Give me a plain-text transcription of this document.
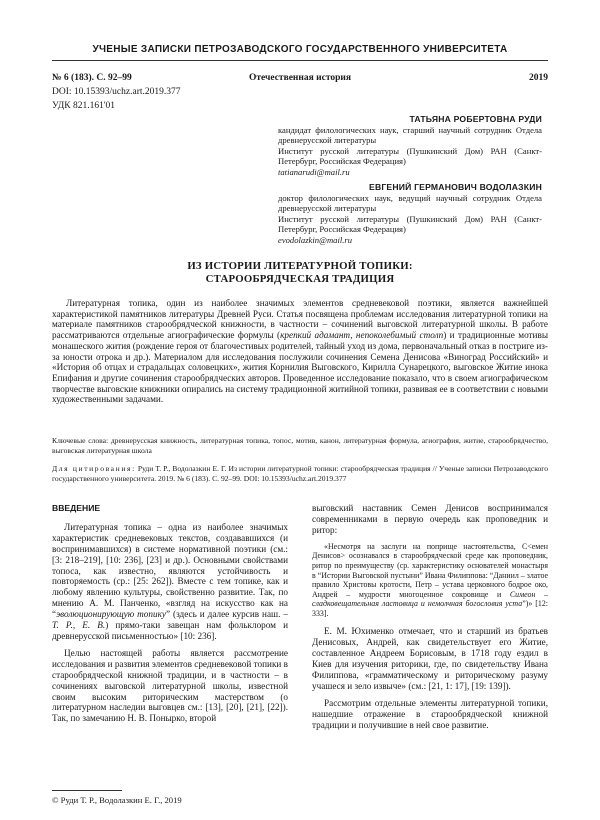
УЧЕНЫЕ ЗАПИСКИ ПЕТРОЗАВОДСКОГО ГОСУДАРСТВЕННОГО УНИВЕРСИТЕТА
№ 6 (183). С. 92–99	Отечественная история	2019
DOI: 10.15393/uchz.art.2019.377
УДК 821.161'01
ТАТЬЯНА РОБЕРТОВНА РУДИ
кандидат филологических наук, старший научный сотрудник Отдела древнерусской литературы
Институт русской литературы (Пушкинский Дом) РАН (Санкт-Петербург, Российская Федерация)
tatianarudi@mail.ru
ЕВГЕНИЙ ГЕРМАНОВИЧ ВОДОЛАЗКИН
доктор филологических наук, ведущий научный сотрудник Отдела древнерусской литературы
Институт русской литературы (Пушкинский Дом) РАН (Санкт-Петербург, Российская Федерация)
evodolazkin@mail.ru
ИЗ ИСТОРИИ ЛИТЕРАТУРНОЙ ТОПИКИ:
СТАРООБРЯДЧЕСКАЯ ТРАДИЦИЯ

Литературная топика, один из наиболее значимых элементов средневековой поэтики, является важнейшей характеристикой памятников литературы Древней Руси. Статья посвящена проблемам исследования литературной топики на материале памятников старообрядческой книжности, в частности – сочинений выговской литературной школы. В работе рассматриваются отдельные агиографические формулы (крепкий адамант, непоколебимый столп) и традиционные мотивы монашеского жития (рождение героя от благочестивых родителей, тайный уход из дома, первоначальный отказ в постриге из-за юности отрока и др.). Материалом для исследования послужили сочинения Семена Денисова «Виноград Российский» и «История об отцах и страдальцах соловецких», жития Корнилия Выговского, Кирилла Сунарецкого, выговское Житие инока Епифания и другие сочинения старообрядческих авторов. Проведенное исследование показало, что в своем агиографическом творчестве выговские книжники опирались на систему традиционной житийной топики, развивая ее в соответствии с новыми художественными задачами.

Ключевые слова: древнерусская книжность, литературная топика, топос, мотив, канон, литературная формула, агиография, житие, старообрядчество, выговская литературная школа
Для цитирования: Руди Т. Р., Водолазкин Е. Г. Из истории литературной топики: старообрядческая традиция // Ученые записки Петрозаводского государственного университета. 2019. № 6 (183). С. 92–99. DOI: 10.15393/uchz.art.2019.377
ВВЕДЕНИЕ

Литературная топика – одна из наиболее значимых характеристик средневековых текстов, создававшихся (и воспринимавшихся) в системе нормативной поэтики (см.: [3: 218–219], [10: 236], [23] и др.). Основными свойствами топоса, как известно, являются устойчивость и повторяемость (ср.: [25: 262]). Вместе с тем топике, как и любому явлению культуры, свойственно развитие. Так, по мнению А. М. Панченко, «взгляд на искусство как на “эволюционирующую топику” (здесь и далее курсив наш. – Т. Р., Е. В.) прямо-таки завещан нам фольклором и древнерусской письменностью» [10: 236].

Целью настоящей работы является рассмотрение исследования и развития элементов средневековой топики в старообрядческой книжной традиции, и в частности – в сочинениях выговской литературной школы, известной своим высоким риторическим мастерством (о литературном наследии выговцев см.: [13], [20], [21], [22]). Так, по замечанию Н. В. Понырко, второй

выговский наставник Семен Денисов воспринимался современниками в первую очередь как проповедник и ритор:

«Несмотря на заслуги на поприще настоятельства, С<емен Денисов> осознавался в старообрядческой среде как проповедник, ритор по преимуществу (ср. характеристику основателей монастыря в “Истории Выговской пустыни” Ивана Филиппова: “Даниил – златое правило Христовы кротости, Петр – устава церковного бодрое око, Андрей – мудрости многоценное сокровище и Симеон – сладковещательная ластовица и немолчная богословия уста”)» [12: 333].

Е. М. Юхименко отмечает, что и старший из братьев Денисовых, Андрей, как свидетельствует его Житие, составленное Андреем Борисовым, в 1718 году ездил в Киев для изучения риторики, где, по свидетельству Ивана Филиппова, «грамматическому и риторическому разуму учашеся и зело извыче» (см.: [21, 1: 17], [19: 139]).

Рассмотрим отдельные элементы литературной топики, нашедшие отражение в старообрядческой книжной традиции и получившие в ней свое развитие.

© Руди Т. Р., Водолазкин Е. Г., 2019
